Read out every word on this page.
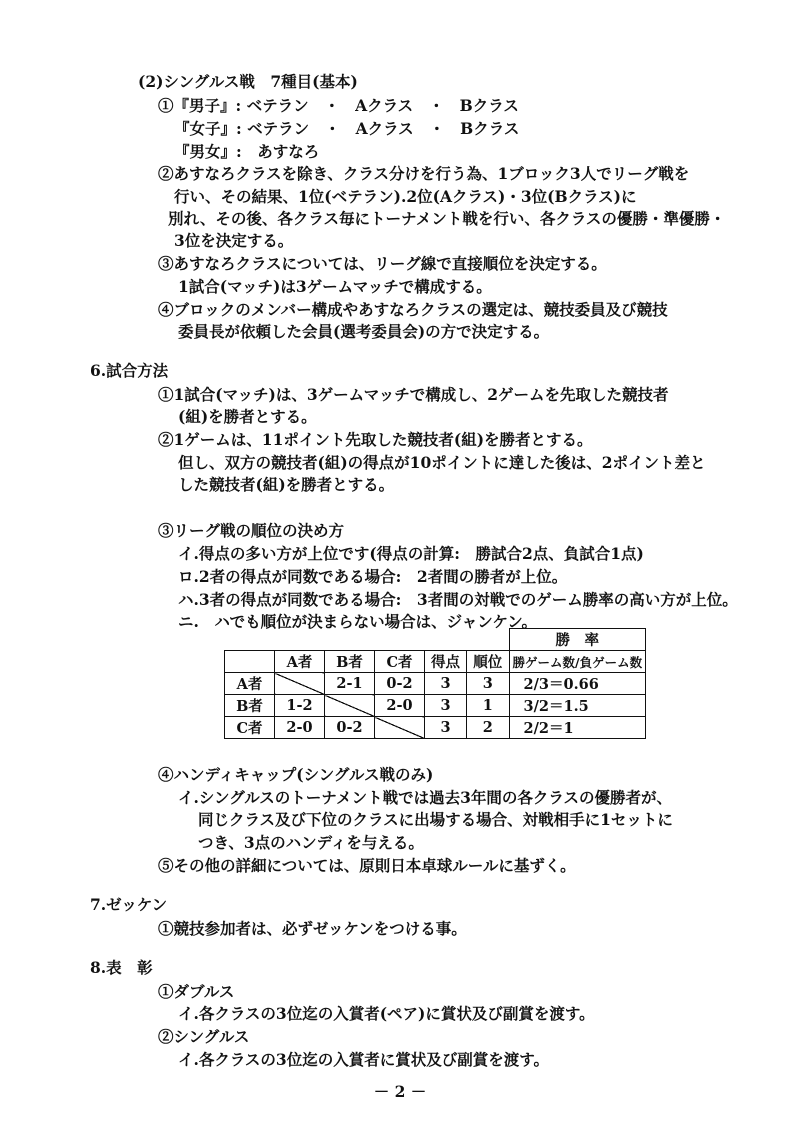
(2)シングルス戦　7種目(基本)
①『男子』: ベテラン　・　Aクラス　・　Bクラス
『女子』: ベテラン　・　Aクラス　・　Bクラス
『男女』:　あすなろ
②あすなろクラスを除き、クラス分けを行う為、1ブロック3人でリーグ戦を
行い、その結果、1位(ベテラン).2位(Aクラス)・3位(Bクラス)に
別れ、その後、各クラス毎にトーナメント戦を行い、各クラスの優勝・準優勝・
3位を決定する。
③あすなろクラスについては、リーグ線で直接順位を決定する。
1試合(マッチ)は3ゲームマッチで構成する。
④ブロックのメンバー構成やあすなろクラスの選定は、競技委員及び競技
委員長が依頼した会員(選考委員会)の方で決定する。
6.試合方法
①1試合(マッチ)は、3ゲームマッチで構成し、2ゲームを先取した競技者
(組)を勝者とする。
②1ゲームは、11ポイント先取した競技者(組)を勝者とする。
但し、双方の競技者(組)の得点が10ポイントに達した後は、2ポイント差と
した競技者(組)を勝者とする。
③リーグ戦の順位の決め方
イ.得点の多い方が上位です(得点の計算:　勝試合2点、負試合1点)
ロ.2者の得点が同数である場合:　2者間の勝者が上位。
ハ.3者の得点が同数である場合:　3者間の対戦でのゲーム勝率の高い方が上位。
ニ.　ハでも順位が決まらない場合は、ジャンケン。
						勝　率
	A者	B者	C者	得点	順位	勝ゲーム数/負ゲーム数
A者		2-1	0-2	3	3	2/3＝0.66
B者	1-2		2-0	3	1	3/2＝1.5
C者	2-0	0-2		3	2	2/2＝1
④ハンディキャップ(シングルス戦のみ)
イ.シングルスのトーナメント戦では過去3年間の各クラスの優勝者が、
同じクラス及び下位のクラスに出場する場合、対戦相手に1セットに
つき、3点のハンディを与える。
⑤その他の詳細については、原則日本卓球ルールに基ずく。
7.ゼッケン
①競技参加者は、必ずゼッケンをつける事。
8.表　彰
①ダブルス
イ.各クラスの3位迄の入賞者(ペア)に賞状及び副賞を渡す。
②シングルス
イ.各クラスの3位迄の入賞者に賞状及び副賞を渡す。
－ 2 －
